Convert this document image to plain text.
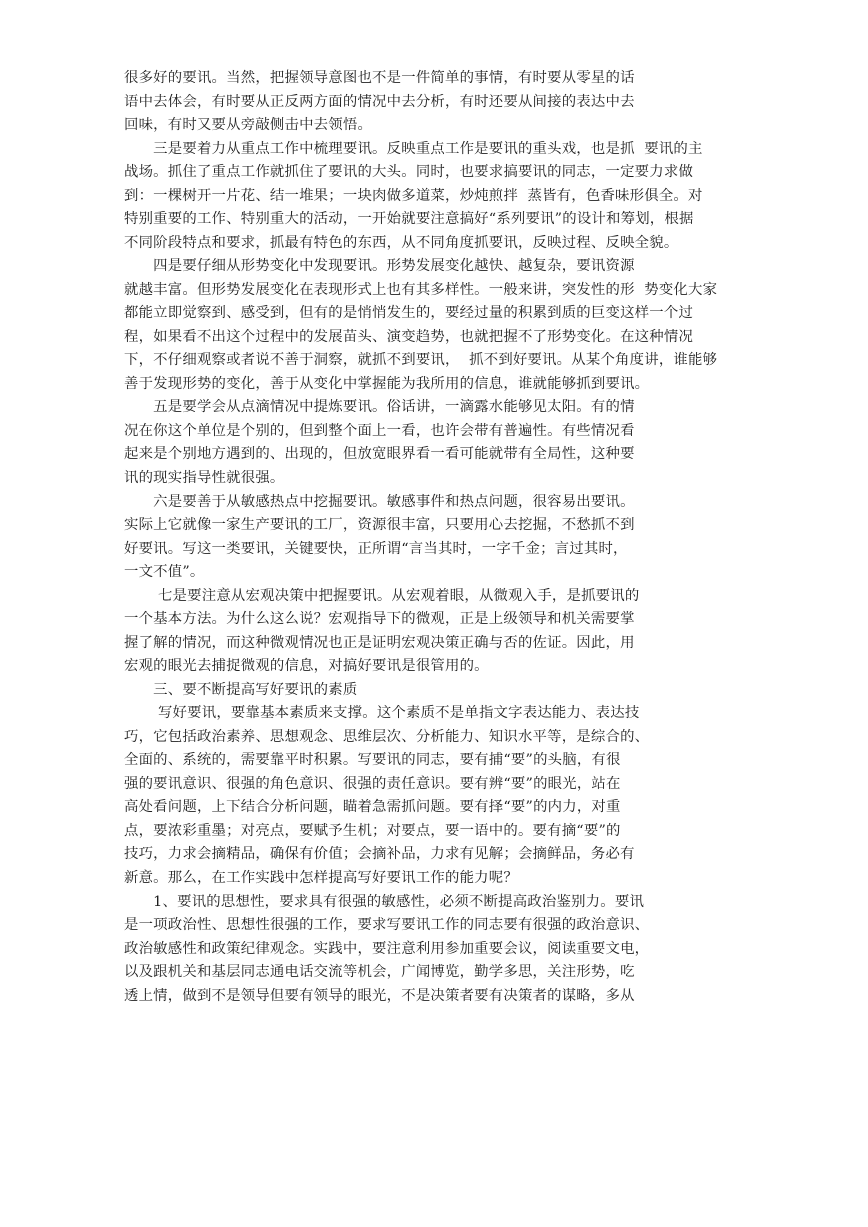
很多好的要讯。当然，把握领导意图也不是一件简单的事情，有时要从零星的话
语中去体会，有时要从正反两方面的情况中去分析，有时还要从间接的表达中去
回味，有时又要从旁敲侧击中去领悟。
　　三是要着力从重点工作中梳理要讯。反映重点工作是要讯的重头戏，也是抓  要讯的主
战场。抓住了重点工作就抓住了要讯的大头。同时，也要求搞要讯的同志，一定要力求做
到：一棵树开一片花、结一堆果；一块肉做多道菜，炒炖煎拌  蒸皆有，色香味形俱全。对
特别重要的工作、特别重大的活动，一开始就要注意搞好“系列要讯”的设计和筹划，根据
不同阶段特点和要求，抓最有特色的东西，从不同角度抓要讯，反映过程、反映全貌。
　　四是要仔细从形势变化中发现要讯。形势发展变化越快、越复杂，要讯资源
就越丰富。但形势发展变化在表现形式上也有其多样性。一般来讲，突发性的形  势变化大家
都能立即觉察到、感受到，但有的是悄悄发生的，要经过量的积累到质的巨变这样一个过
程，如果看不出这个过程中的发展苗头、演变趋势，也就把握不了形势变化。在这种情况
下，不仔细观察或者说不善于洞察，就抓不到要讯，  抓不到好要讯。从某个角度讲，谁能够
善于发现形势的变化，善于从变化中掌握能为我所用的信息，谁就能够抓到要讯。
　　五是要学会从点滴情况中提炼要讯。俗话讲，一滴露水能够见太阳。有的情
况在你这个单位是个别的，但到整个面上一看，也许会带有普遍性。有些情况看
起来是个别地方遇到的、出现的，但放宽眼界看一看可能就带有全局性，这种要
讯的现实指导性就很强。
　　六是要善于从敏感热点中挖掘要讯。敏感事件和热点问题，很容易出要讯。
实际上它就像一家生产要讯的工厂，资源很丰富，只要用心去挖掘，不愁抓不到
好要讯。写这一类要讯，关键要快，正所谓“言当其时，一字千金；言过其时，
一文不值”。
　　 七是要注意从宏观决策中把握要讯。从宏观着眼，从微观入手，是抓要讯的
一个基本方法。为什么这么说？宏观指导下的微观，正是上级领导和机关需要掌
握了解的情况，而这种微观情况也正是证明宏观决策正确与否的佐证。因此，用
宏观的眼光去捕捉微观的信息，对搞好要讯是很管用的。
　　三、要不断提高写好要讯的素质
　　 写好要讯，要靠基本素质来支撑。这个素质不是单指文字表达能力、表达技
巧，它包括政治素养、思想观念、思维层次、分析能力、知识水平等，是综合的、
全面的、系统的，需要靠平时积累。写要讯的同志，要有捕“要”的头脑，有很
强的要讯意识、很强的角色意识、很强的责任意识。要有辨“要”的眼光，站在
高处看问题，上下结合分析问题，瞄着急需抓问题。要有择“要”的内力，对重
点，要浓彩重墨；对亮点，要赋予生机；对要点，要一语中的。要有摘“要”的
技巧，力求会摘精品，确保有价值；会摘补品，力求有见解；会摘鲜品，务必有
新意。那么，在工作实践中怎样提高写好要讯工作的能力呢？
　　1、要讯的思想性，要求具有很强的敏感性，必须不断提高政治鉴别力。要讯
是一项政治性、思想性很强的工作，要求写要讯工作的同志要有很强的政治意识、
政治敏感性和政策纪律观念。实践中，要注意利用参加重要会议，阅读重要文电，
以及跟机关和基层同志通电话交流等机会，广闻博览，勤学多思，关注形势，吃
透上情，做到不是领导但要有领导的眼光，不是决策者要有决策者的谋略，多从
